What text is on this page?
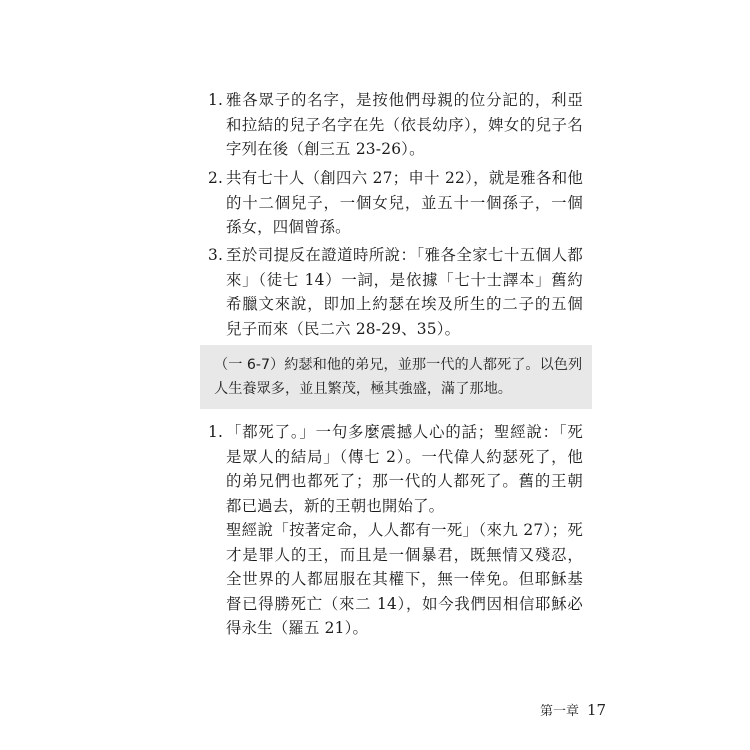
1. 雅各眾子的名字，是按他們母親的位分記的，利亞和拉結的兒子名字在先（依長幼序），婢女的兒子名字列在後（創三五 23-26）。
2. 共有七十人（創四六 27；申十 22），就是雅各和他的十二個兒子，一個女兒，並五十一個孫子，一個孫女，四個曾孫。
3. 至於司提反在證道時所說：「雅各全家七十五個人都來」（徒七 14）一詞，是依據「七十士譯本」舊約希臘文來說，即加上約瑟在埃及所生的二子的五個兒子而來（民二六 28-29、35）。
（一 6-7）約瑟和他的弟兄，並那一代的人都死了。以色列人生養眾多，並且繁茂，極其強盛，滿了那地。
1. 「都死了。」一句多麼震撼人心的話；聖經說：「死是眾人的結局」（傳七 2）。一代偉人約瑟死了，他的弟兄們也都死了；那一代的人都死了。舊的王朝都已過去，新的王朝也開始了。
聖經說「按著定命，人人都有一死」（來九 27）；死才是罪人的王，而且是一個暴君，既無情又殘忍，全世界的人都屈服在其權下，無一倖免。但耶穌基督已得勝死亡（來二 14），如今我們因相信耶穌必得永生（羅五 21）。
第一章 17
